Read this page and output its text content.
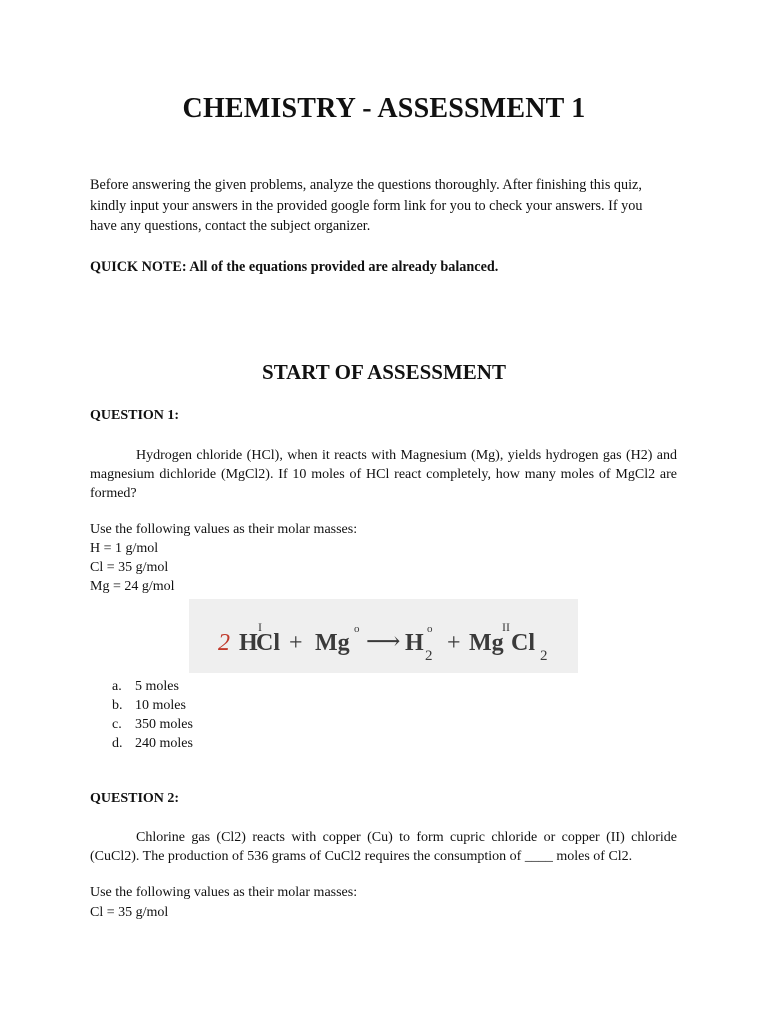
CHEMISTRY - ASSESSMENT 1
Before answering the given problems, analyze the questions thoroughly. After finishing this quiz,
kindly input your answers in the provided google form link for you to check your answers. If you
have any questions, contact the subject organizer.

QUICK NOTE: All of the equations provided are already balanced.

START OF ASSESSMENT

QUESTION 1:

Hydrogen chloride (HCl), when it reacts with Magnesium (Mg), yields hydrogen gas (H2) and magnesium dichloride (MgCl2). If 10 moles of HCl react completely, how many moles of MgCl2 are formed?

Use the following values as their molar masses:

H = 1 g/mol

Cl = 35 g/mol

Mg = 24 g/mol

2 H
Cl + Mg ⟶ H 2 + Mg Cl 2
I	o	o	II
a. 5 moles
b. 10 moles
c. 350 moles
d. 240 moles

QUESTION 2:

Chlorine gas (Cl2) reacts with copper (Cu) to form cupric chloride or copper (II) chloride (CuCl2). The production of 536 grams of CuCl2 requires the consumption of ____ moles of Cl2.

Use the following values as their molar masses:

Cl = 35 g/mol
